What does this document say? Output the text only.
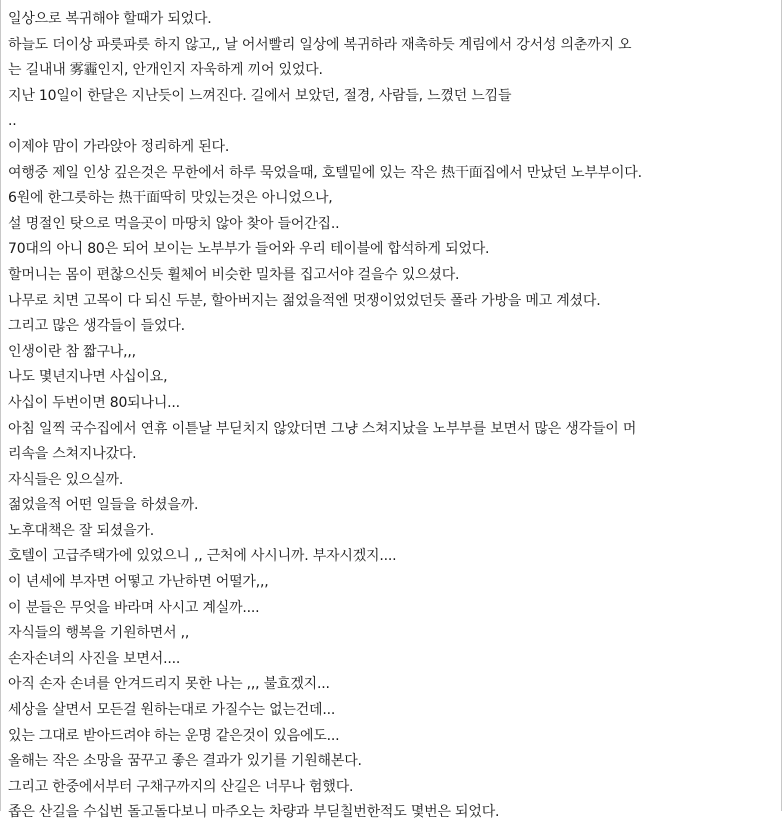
일상으로 복귀해야 할때가 되었다.
하늘도 더이상 파릇파릇 하지 않고,, 날 어서빨리 일상에 복귀하라 재촉하듯 계림에서 강서성 의춘까지 오
는 길내내 雾霾인지, 안개인지 자욱하게 끼어 있었다.
지난 10일이 한달은 지난듯이 느껴진다. 길에서 보았던, 절경, 사람들, 느꼈던 느낌들
..
이제야 맘이 가라앉아 정리하게 된다.
여행중 제일 인상 깊은것은 무한에서 하루 묵었을때, 호텔밑에 있는 작은 热干面집에서 만났던 노부부이다.
6원에 한그릇하는 热干面딱히 맛있는것은 아니었으나,
설 명절인 탓으로 먹을곳이 마땅치 않아 찾아 들어간집..
70대의 아니 80은 되어 보이는 노부부가 들어와 우리 테이블에 합석하게 되었다.
할머니는 몸이 편찮으신듯 휠체어 비슷한 밀차를 집고서야 걸을수 있으셨다.
나무로 치면 고목이 다 되신 두분, 할아버지는 젊었을적엔 멋쟁이었었던듯 폴라 가방을 메고 계셨다.
그리고 많은 생각들이 들었다.
인생이란 참 짧구나,,,
나도 몇년지나면 사십이요,
사십이 두번이면 80되나니...
아침 일찍 국수집에서 연휴 이튿날 부딛치지 않았더면 그냥 스쳐지났을 노부부를 보면서 많은 생각들이 머
리속을 스쳐지나갔다.
자식들은 있으실까.
젊었을적 어떤 일들을 하셨을까.
노후대책은 잘 되셨을가.
호텔이 고급주택가에 있었으니 ,, 근처에 사시니까. 부자시겠지....
이 년세에 부자면 어떻고 가난하면 어떨가,,,
이 분들은 무엇을 바라며 사시고 계실까....
자식들의 행복을 기원하면서 ,,
손자손녀의 사진을 보면서....
아직 손자 손녀를 안겨드리지 못한 나는 ,,, 불효겠지...
세상을 살면서 모든걸 원하는대로 가질수는 없는건데...
있는 그대로 받아드려야 하는 운명 같은것이 있음에도...
올해는 작은 소망을 꿈꾸고 좋은 결과가 있기를 기원해본다.
그리고 한중에서부터 구채구까지의 산길은 너무나 험했다.
좁은 산길을 수십번 돌고돌다보니 마주오는 차량과 부딛칠번한적도 몇번은 되었다.
